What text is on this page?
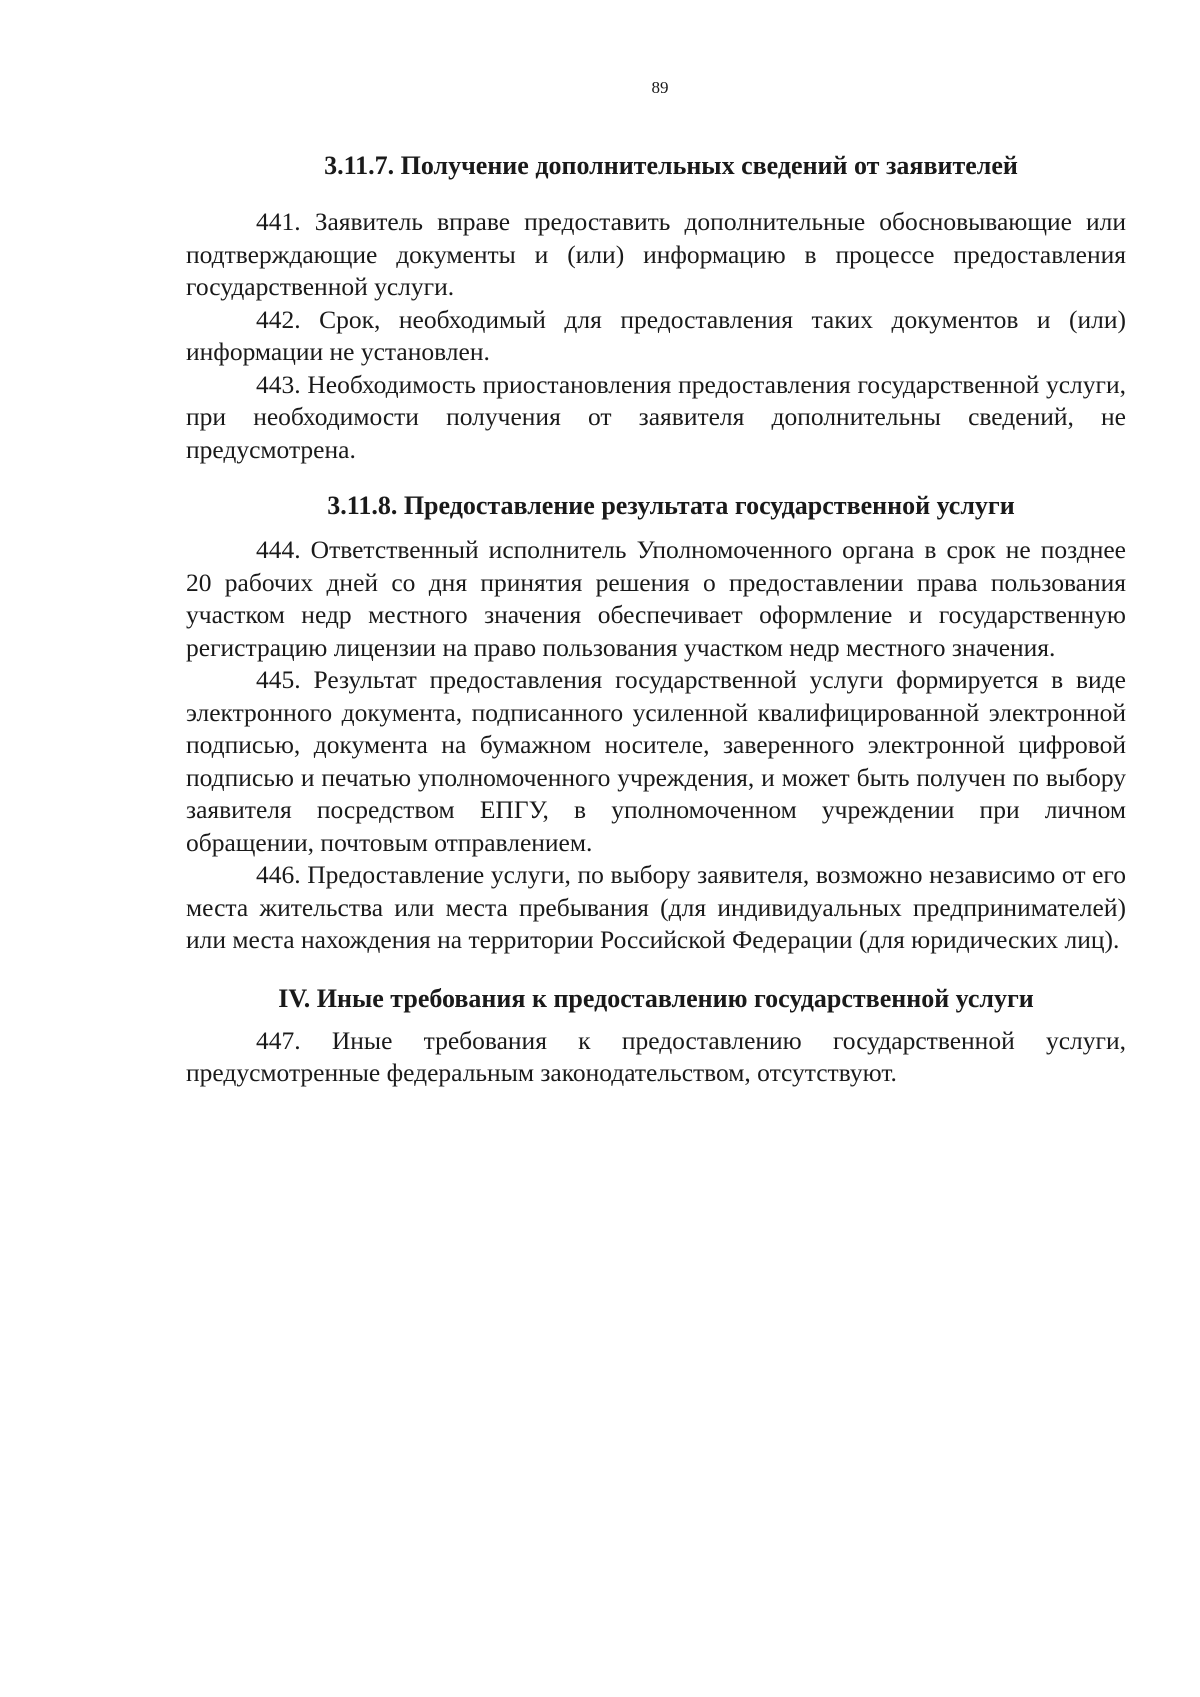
89
3.11.7. Получение дополнительных сведений от заявителей

441. Заявитель вправе предоставить дополнительные обосновывающие или подтверждающие документы и (или) информацию в процессе предоставления государственной услуги.

442. Срок, необходимый для предоставления таких документов и (или) информации не установлен.

443. Необходимость приостановления предоставления государственной услуги, при необходимости получения от заявителя дополнительны сведений, не предусмотрена.

3.11.8. Предоставление результата государственной услуги

444. Ответственный исполнитель Уполномоченного органа в срок не позднее 20 рабочих дней со дня принятия решения о предоставлении права пользования участком недр местного значения обеспечивает оформление и государственную регистрацию лицензии на право пользования участком недр местного значения.

445. Результат предоставления государственной услуги формируется в виде электронного документа, подписанного усиленной квалифицированной электронной подписью, документа на бумажном носителе, заверенного электронной цифровой подписью и печатью уполномоченного учреждения, и может быть получен по выбору заявителя посредством ЕПГУ, в уполномоченном учреждении при личном обращении, почтовым отправлением.

446. Предоставление услуги, по выбору заявителя, возможно независимо от его места жительства или места пребывания (для индивидуальных предпринимателей) или места нахождения на территории Российской Федерации (для юридических лиц).

IV. Иные требования к предоставлению государственной услуги

447. Иные требования к предоставлению государственной услуги, предусмотренные федеральным законодательством, отсутствуют.
